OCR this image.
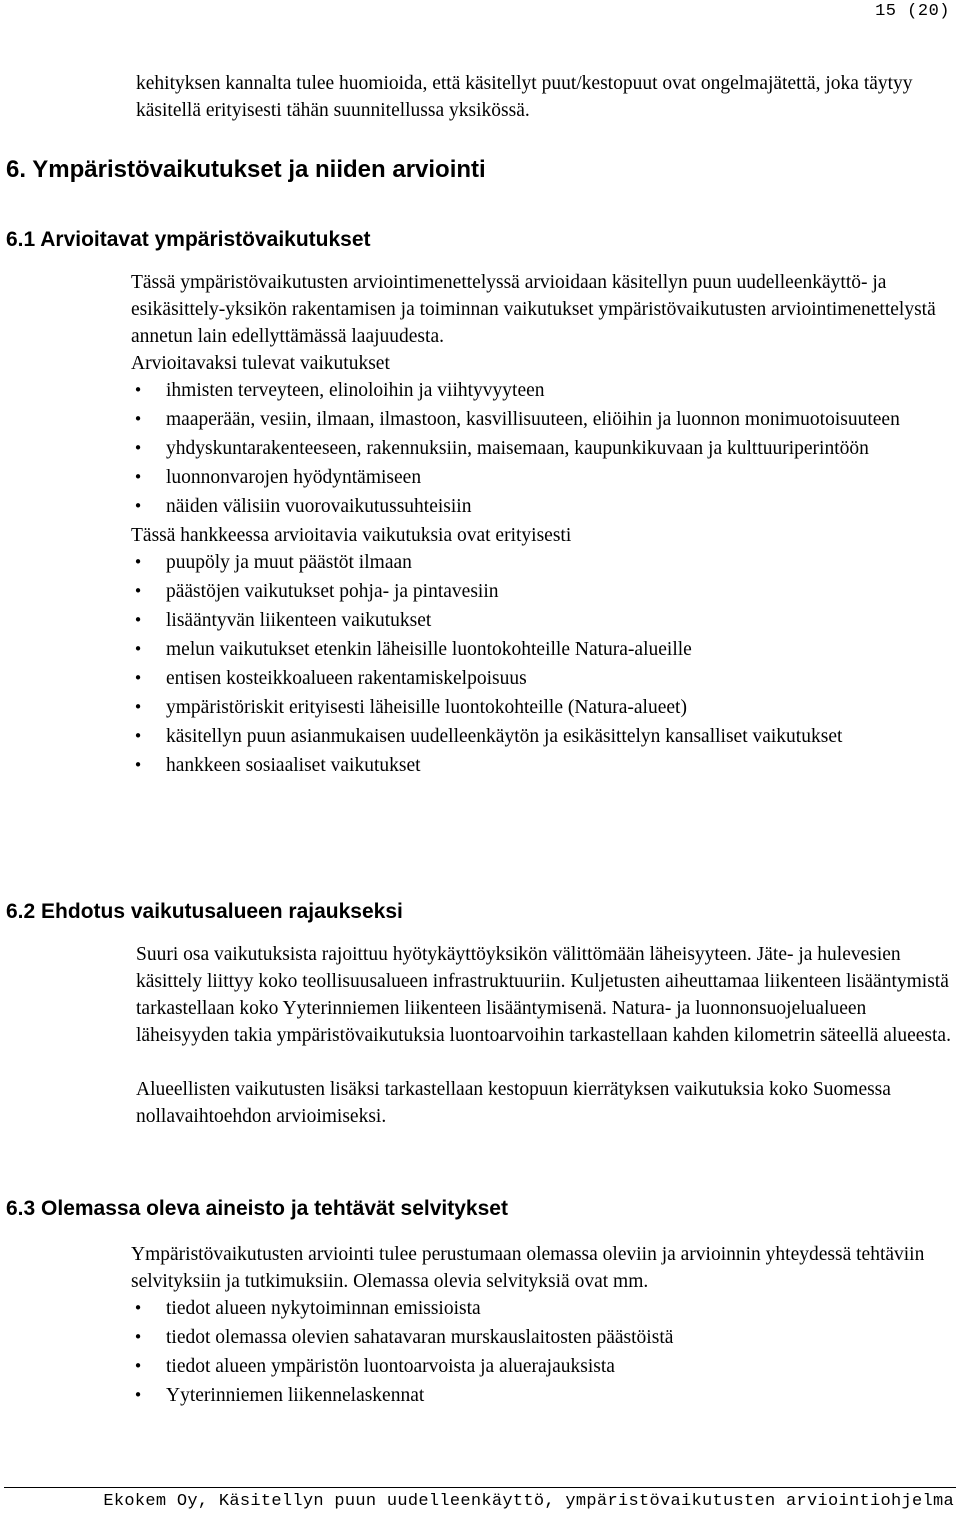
15 (20)
kehityksen kannalta tulee huomioida, että käsitellyt puut/kestopuut ovat ongelmajätettä, joka täytyy käsitellä erityisesti tähän suunnitellussa yksikössä.
6. Ympäristövaikutukset ja niiden arviointi
6.1 Arvioitavat ympäristövaikutukset

Tässä ympäristövaikutusten arviointimenettelyssä arvioidaan käsitellyn puun uudelleenkäyttö- ja esikäsittely-yksikön rakentamisen ja toiminnan vaikutukset ympäristövaikutusten arviointimenettelystä annetun lain edellyttämässä laajuudesta.

Arvioitavaksi tulevat vaikutukset

• ihmisten terveyteen, elinoloihin ja viihtyvyyteen
• maaperään, vesiin, ilmaan, ilmastoon, kasvillisuuteen, eliöihin ja luonnon monimuotoisuuteen
• yhdyskuntarakenteeseen, rakennuksiin, maisemaan, kaupunkikuvaan ja kulttuuriperintöön
• luonnonvarojen hyödyntämiseen
• näiden välisiin vuorovaikutussuhteisiin

Tässä hankkeessa arvioitavia vaikutuksia ovat erityisesti

• puupöly ja muut päästöt ilmaan
• päästöjen vaikutukset pohja- ja pintavesiin
• lisääntyvän liikenteen vaikutukset
• melun vaikutukset etenkin läheisille luontokohteille Natura-alueille
• entisen kosteikkoalueen rakentamiskelpoisuus
• ympäristöriskit erityisesti läheisille luontokohteille (Natura-alueet)
• käsitellyn puun asianmukaisen uudelleenkäytön ja esikäsittelyn kansalliset vaikutukset
• hankkeen sosiaaliset vaikutukset
6.2 Ehdotus vaikutusalueen rajaukseksi

Suuri osa vaikutuksista rajoittuu hyötykäyttöyksikön välittömään läheisyyteen. Jäte- ja hulevesien käsittely liittyy koko teollisuusalueen infrastruktuuriin. Kuljetusten aiheuttamaa liikenteen lisääntymistä tarkastellaan koko Yyterinniemen liikenteen lisääntymisenä. Natura- ja luonnonsuojelualueen läheisyyden takia ympäristövaikutuksia luontoarvoihin tarkastellaan kahden kilometrin säteellä alueesta.

Alueellisten vaikutusten lisäksi tarkastellaan kestopuun kierrätyksen vaikutuksia koko Suomessa nollavaihtoehdon arvioimiseksi.

6.3 Olemassa oleva aineisto ja tehtävät selvitykset

Ympäristövaikutusten arviointi tulee perustumaan olemassa oleviin ja arvioinnin yhteydessä tehtäviin selvityksiin ja tutkimuksiin. Olemassa olevia selvityksiä ovat mm.

• tiedot alueen nykytoiminnan emissioista
• tiedot olemassa olevien sahatavaran murskauslaitosten päästöistä
• tiedot alueen ympäristön luontoarvoista ja aluerajauksista
• Yyterinniemen liikennelaskennat
Ekokem Oy, Käsitellyn puun uudelleenkäyttö, ympäristövaikutusten arviointiohjelma
